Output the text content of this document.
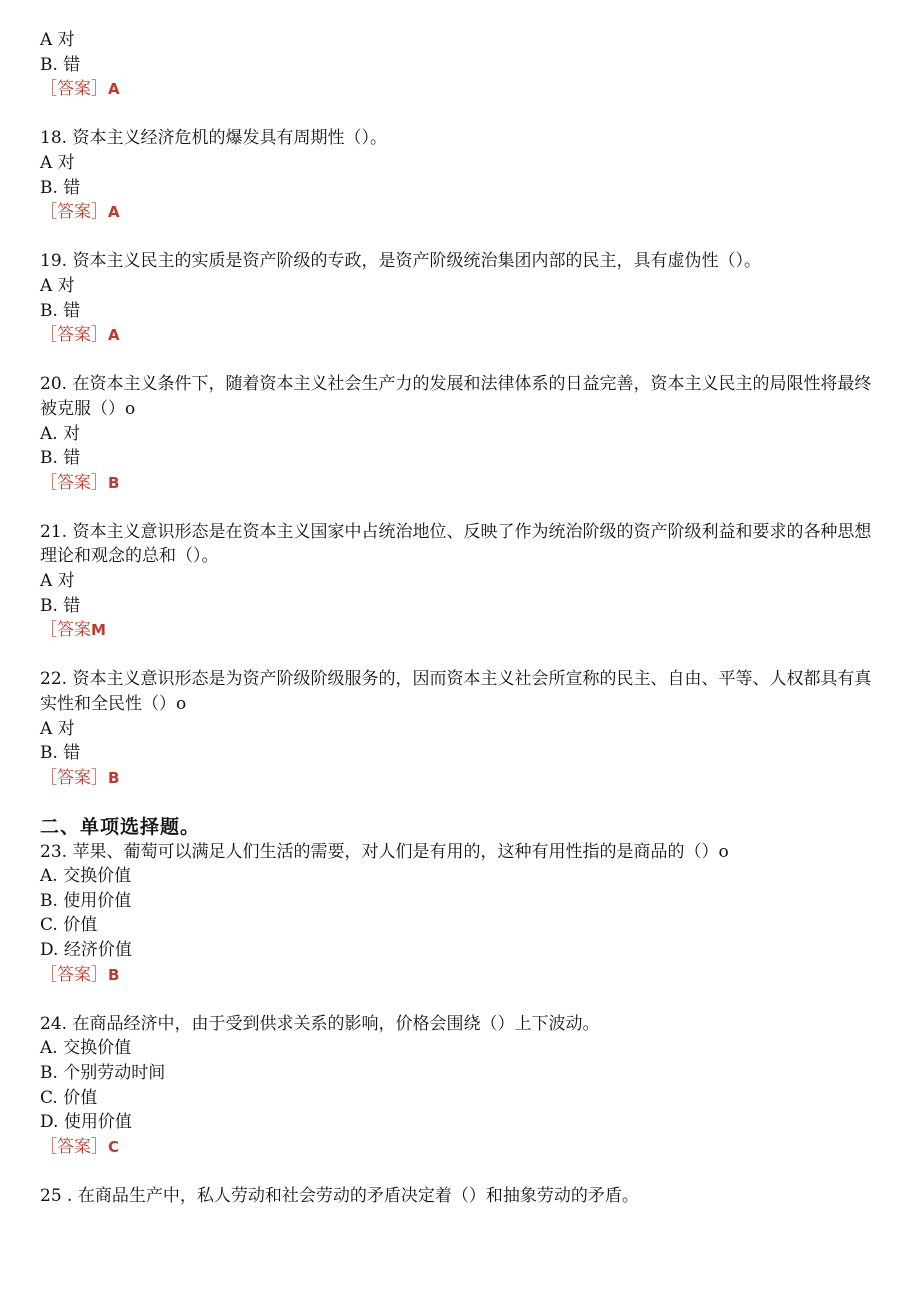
A 对
B. 错
［答案］A
18. 资本主义经济危机的爆发具有周期性（）。
A 对
B. 错
［答案］A
19. 资本主义民主的实质是资产阶级的专政，是资产阶级统治集团内部的民主，具有虚伪性（）。
A 对
B. 错
［答案］A
20. 在资本主义条件下，随着资本主义社会生产力的发展和法律体系的日益完善，资本主义民主的局限性将最终被克服（）o
A. 对
B. 错
［答案］B
21. 资本主义意识形态是在资本主义国家中占统治地位、反映了作为统治阶级的资产阶级利益和要求的各种思想理论和观念的总和（）。
A 对
B. 错
［答案M
22. 资本主义意识形态是为资产阶级阶级服务的，因而资本主义社会所宣称的民主、自由、平等、人权都具有真实性和全民性（）o
A 对
B. 错
［答案］B
二、单项选择题。
23. 苹果、葡萄可以满足人们生活的需要，对人们是有用的，这种有用性指的是商品的（）o
A. 交换价值
B. 使用价值
C. 价值
D. 经济价值
［答案］B
24. 在商品经济中，由于受到供求关系的影响，价格会围绕（）上下波动。
A. 交换价值
B. 个别劳动时间
C. 价值
D. 使用价值
［答案］C
25 . 在商品生产中，私人劳动和社会劳动的矛盾决定着（）和抽象劳动的矛盾。
